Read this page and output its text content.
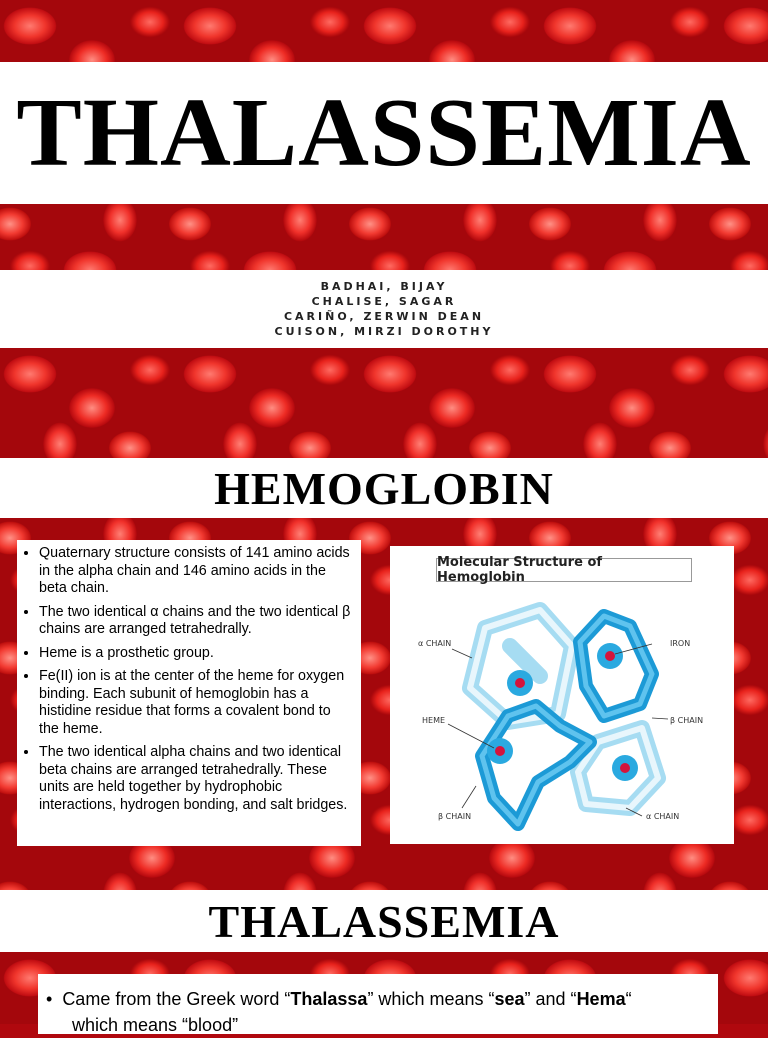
THALASSEMIA
BADHAI, BIJAY
CHALISE, SAGAR
CARIÑO, ZERWIN DEAN
CUISON, MIRZI DOROTHY
HEMOGLOBIN
• Quaternary structure consists of 141 amino acids in the alpha chain and 146 amino acids in the beta chain.
• The two identical α chains and the two identical β chains are arranged tetrahedrally.
• Heme is a prosthetic group.
• Fe(II) ion is at the center of the heme for oxygen binding. Each subunit of hemoglobin has a histidine residue that forms a covalent bond to the heme.
• The two identical alpha chains and two identical beta chains are arranged tetrahedrally. These units are held together by hydrophobic interactions, hydrogen bonding, and salt bridges.
Molecular Structure of Hemoglobin
α CHAIN	IRON
HEME	β CHAIN
β CHAIN	α CHAIN
THALASSEMIA
•  Came from the Greek word “Thalassa” which means “sea” and “Hema“
which means “blood”
